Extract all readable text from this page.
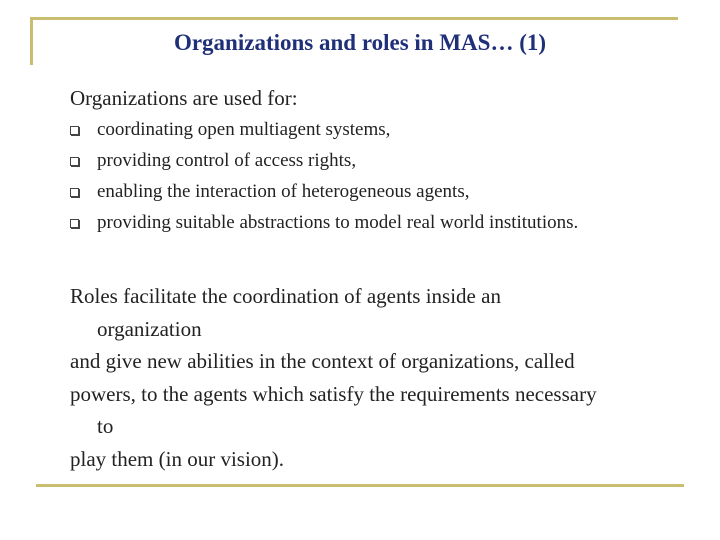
Organizations and roles in MAS… (1)

Organizations are used for:

coordinating open multiagent systems,
providing control of access rights,
enabling the interaction of heterogeneous agents,
providing suitable abstractions to model real world institutions.
Roles facilitate the coordination of agents inside an
organization
and give new abilities in the context of organizations, called
powers, to the agents which satisfy the requirements necessary
to
play them (in our vision).
